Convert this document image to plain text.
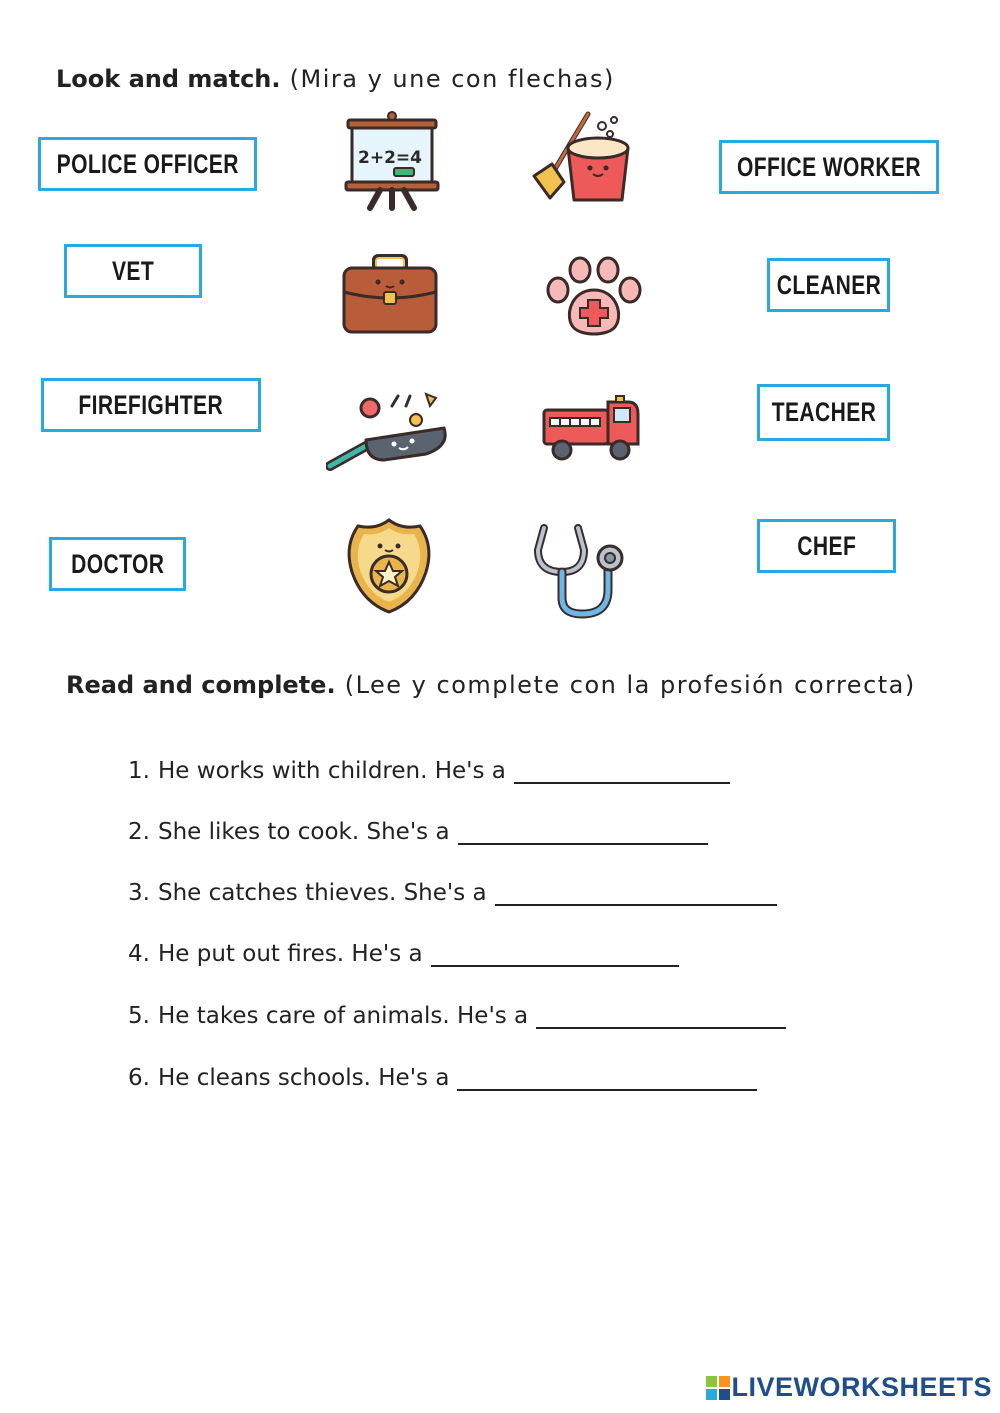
Look and match. (Mira y une con flechas)
POLICE OFFICER
VET
FIREFIGHTER
DOCTOR
OFFICE WORKER
CLEANER
TEACHER
CHEF
2+2=4
Read and complete. (Lee y complete con la profesión correcta)
1. He works with children. He's a
2. She likes to cook. She's a
3. She catches thieves. She's a
4. He put out fires. He's a
5. He takes care of animals. He's a
6. He cleans schools. He's a
LIVEWORKSHEETS
